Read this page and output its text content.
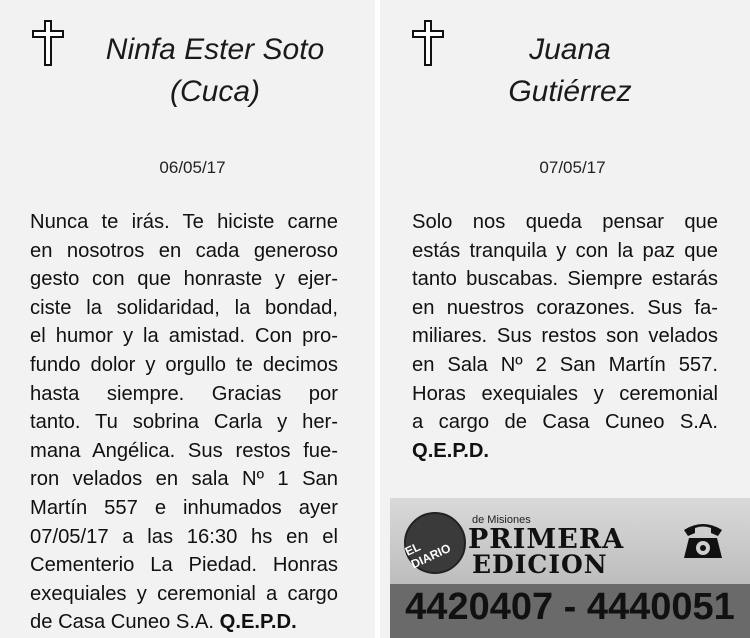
Ninfa Ester Soto
(Cuca)
06/05/17
Nunca te irás. Te hiciste carne
en nosotros en cada generoso
gesto con que honraste y ejer-
ciste la solidaridad, la bondad,
el humor y la amistad. Con pro-
fundo dolor y orgullo te decimos
hasta siempre. Gracias por
tanto. Tu sobrina Carla y her-
mana Angélica. Sus restos fue-
ron velados en sala Nº 1 San
Martín 557 e inhumados ayer
07/05/17 a las 16:30 hs en el
Cementerio La Piedad. Honras
exequiales y ceremonial a cargo
de Casa Cuneo S.A. Q.E.P.D.
Juana
Gutiérrez
07/05/17
Solo nos queda pensar que
estás tranquila y con la paz que
tanto buscabas. Siempre estarás
en nuestros corazones. Sus fa-
miliares. Sus restos son velados
en Sala Nº 2 San Martín 557.
Horas exequiales y ceremonial
a cargo de Casa Cuneo S.A.
Q.E.P.D.
EL DIARIO
de Misiones
PRIMERA
EDICION
4420407 - 4440051
